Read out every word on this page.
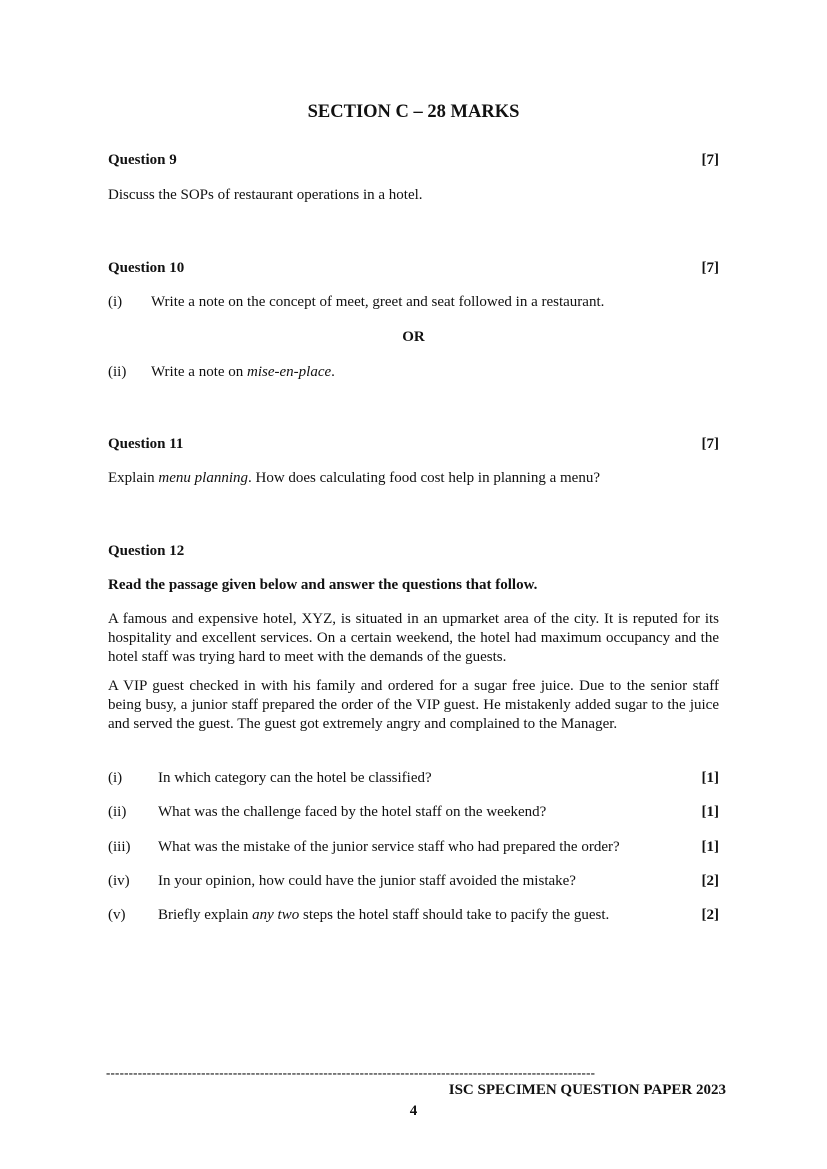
SECTION C – 28 MARKS
Question 9	[7]
Discuss the SOPs of restaurant operations in a hotel.
Question 10	[7]
(i) Write a note on the concept of meet, greet and seat followed in a restaurant.
OR
(ii) Write a note on mise-en-place.
Question 11	[7]
Explain menu planning. How does calculating food cost help in planning a menu?
Question 12
Read the passage given below and answer the questions that follow.

A famous and expensive hotel, XYZ, is situated in an upmarket area of the city. It is reputed for its hospitality and excellent services. On a certain weekend, the hotel had maximum occupancy and the hotel staff was trying hard to meet with the demands of the guests.

A VIP guest checked in with his family and ordered for a sugar free juice. Due to the senior staff being busy, a junior staff prepared the order of the VIP guest. He mistakenly added sugar to the juice and served the guest. The guest got extremely angry and complained to the Manager.

(i) In which category can the hotel be classified?	[1]
(ii) What was the challenge faced by the hotel staff on the weekend?	[1]
(iii) What was the mistake of the junior service staff who had prepared the order?	[1]
(iv) In your opinion, how could have the junior staff avoided the mistake?	[2]
(v) Briefly explain any two steps the hotel staff should take to pacify the guest.	[2]
------------------------------------------------------------------------------------------------------------
ISC SPECIMEN QUESTION PAPER 2023
4
